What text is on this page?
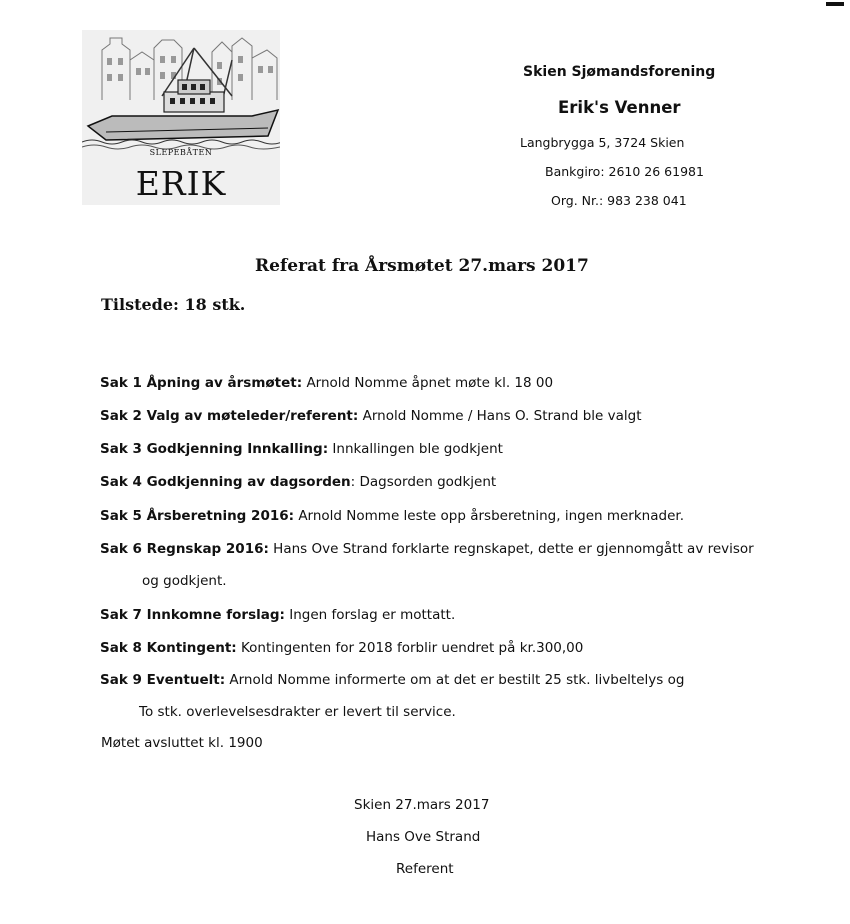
SLEPEBÅTEN
ERIK
Skien Sjømandsforening
Erik's Venner
Langbrygga 5, 3724 Skien
Bankgiro: 2610 26 61981
Org. Nr.: 983 238 041
Referat fra Årsmøtet 27.mars 2017
Tilstede: 18 stk.
Sak 1 Åpning av årsmøtet: Arnold Nomme åpnet møte kl. 18 00
Sak 2 Valg av møteleder/referent: Arnold Nomme / Hans O. Strand ble valgt
Sak 3 Godkjenning Innkalling: Innkallingen ble godkjent
Sak 4 Godkjenning av dagsorden: Dagsorden godkjent
Sak 5 Årsberetning 2016: Arnold Nomme leste opp årsberetning, ingen merknader.
Sak 6 Regnskap 2016: Hans Ove Strand forklarte regnskapet, dette er gjennomgått av revisor
og godkjent.
Sak 7 Innkomne forslag: Ingen forslag er mottatt.
Sak 8 Kontingent: Kontingenten for 2018 forblir uendret på kr.300,00
Sak 9 Eventuelt: Arnold Nomme informerte om at det er bestilt 25 stk. livbeltelys og
To stk. overlevelsesdrakter er levert til service.
Møtet avsluttet kl. 1900
Skien 27.mars 2017
Hans Ove Strand
Referent
